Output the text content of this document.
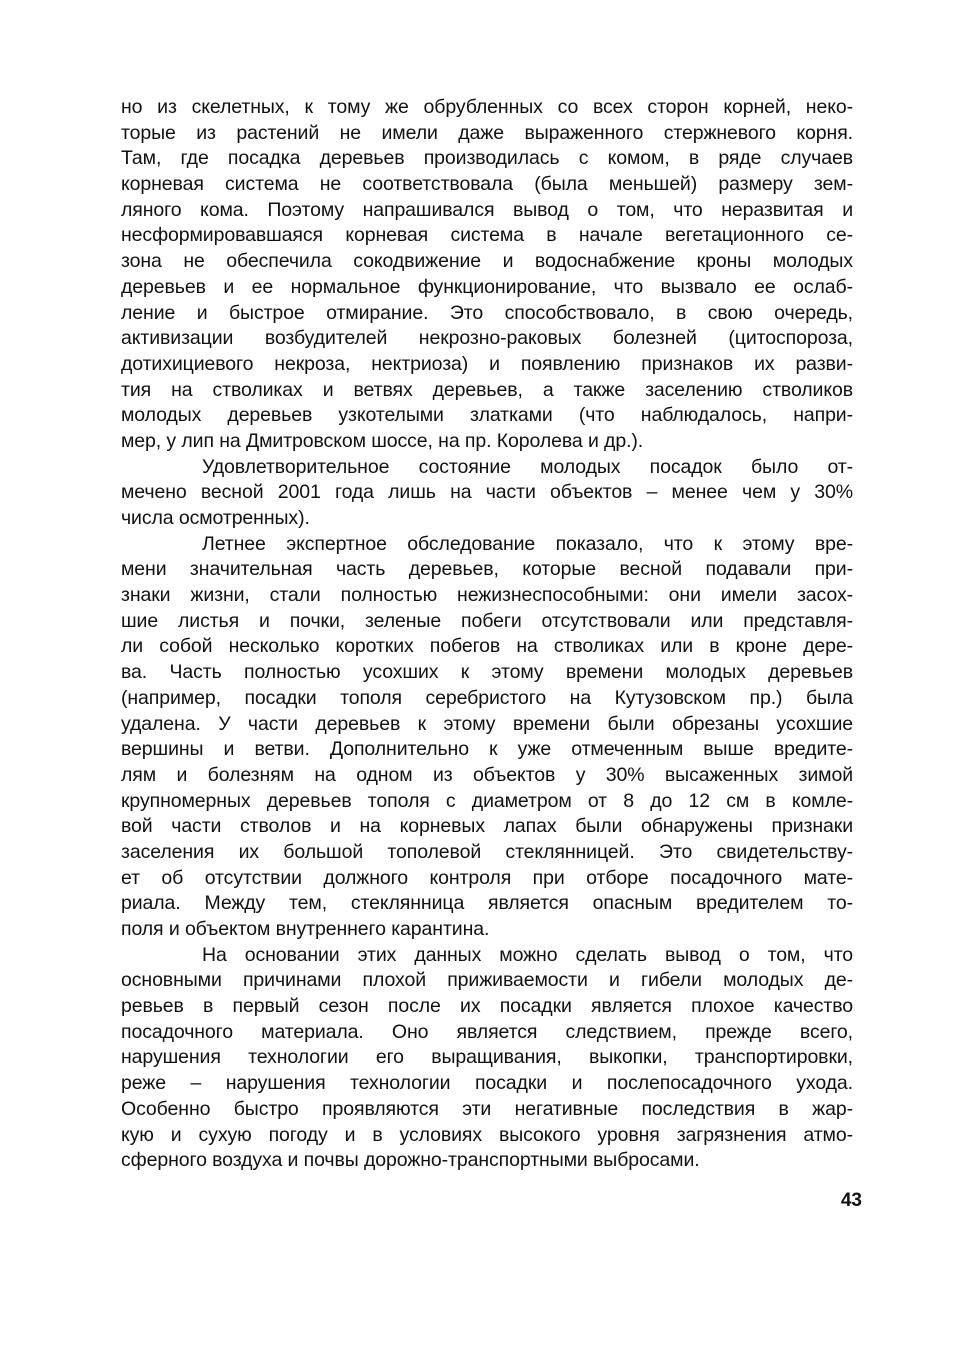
но из скелетных, к тому же обрубленных со всех сторон корней, неко-
торые из растений не имели даже выраженного стержневого корня.
Там, где посадка деревьев производилась с комом, в ряде случаев
корневая система не соответствовала (была меньшей) размеру зем-
ляного кома. Поэтому напрашивался вывод о том, что неразвитая и
несформировавшаяся корневая система в начале вегетационного се-
зона не обеспечила сокодвижение и водоснабжение кроны молодых
деревьев и ее нормальное функционирование, что вызвало ее ослаб-
ление и быстрое отмирание. Это способствовало, в свою очередь,
активизации возбудителей некрозно-раковых болезней (цитоспороза,
дотихициевого некроза, нектриоза) и появлению признаков их разви-
тия на стволиках и ветвях деревьев, а также заселению стволиков
молодых деревьев узкотелыми златками (что наблюдалось, напри-
мер, у лип на Дмитровском шоссе, на пр. Королева и др.).
Удовлетворительное состояние молодых посадок было от-
мечено весной 2001 года лишь на части объектов – менее чем у 30%
числа осмотренных).
Летнее экспертное обследование показало, что к этому вре-
мени значительная часть деревьев, которые весной подавали при-
знаки жизни, стали полностью нежизнеспособными: они имели засох-
шие листья и почки, зеленые побеги отсутствовали или представля-
ли собой несколько коротких побегов на стволиках или в кроне дере-
ва. Часть полностью усохших к этому времени молодых деревьев
(например, посадки тополя серебристого на Кутузовском пр.) была
удалена. У части деревьев к этому времени были обрезаны усохшие
вершины и ветви. Дополнительно к уже отмеченным выше вредите-
лям и болезням на одном из объектов у 30% высаженных зимой
крупномерных деревьев тополя с диаметром от 8 до 12 см в комле-
вой части стволов и на корневых лапах были обнаружены признаки
заселения их большой тополевой стеклянницей. Это свидетельству-
ет об отсутствии должного контроля при отборе посадочного мате-
риала. Между тем, стеклянница является опасным вредителем то-
поля и объектом внутреннего карантина.
На основании этих данных можно сделать вывод о том, что
основными причинами плохой приживаемости и гибели молодых де-
ревьев в первый сезон после их посадки является плохое качество
посадочного материала. Оно является следствием, прежде всего,
нарушения технологии его выращивания, выкопки, транспортировки,
реже – нарушения технологии посадки и послепосадочного ухода.
Особенно быстро проявляются эти негативные последствия в жар-
кую и сухую погоду и в условиях высокого уровня загрязнения атмо-
сферного воздуха и почвы дорожно-транспортными выбросами.
43
